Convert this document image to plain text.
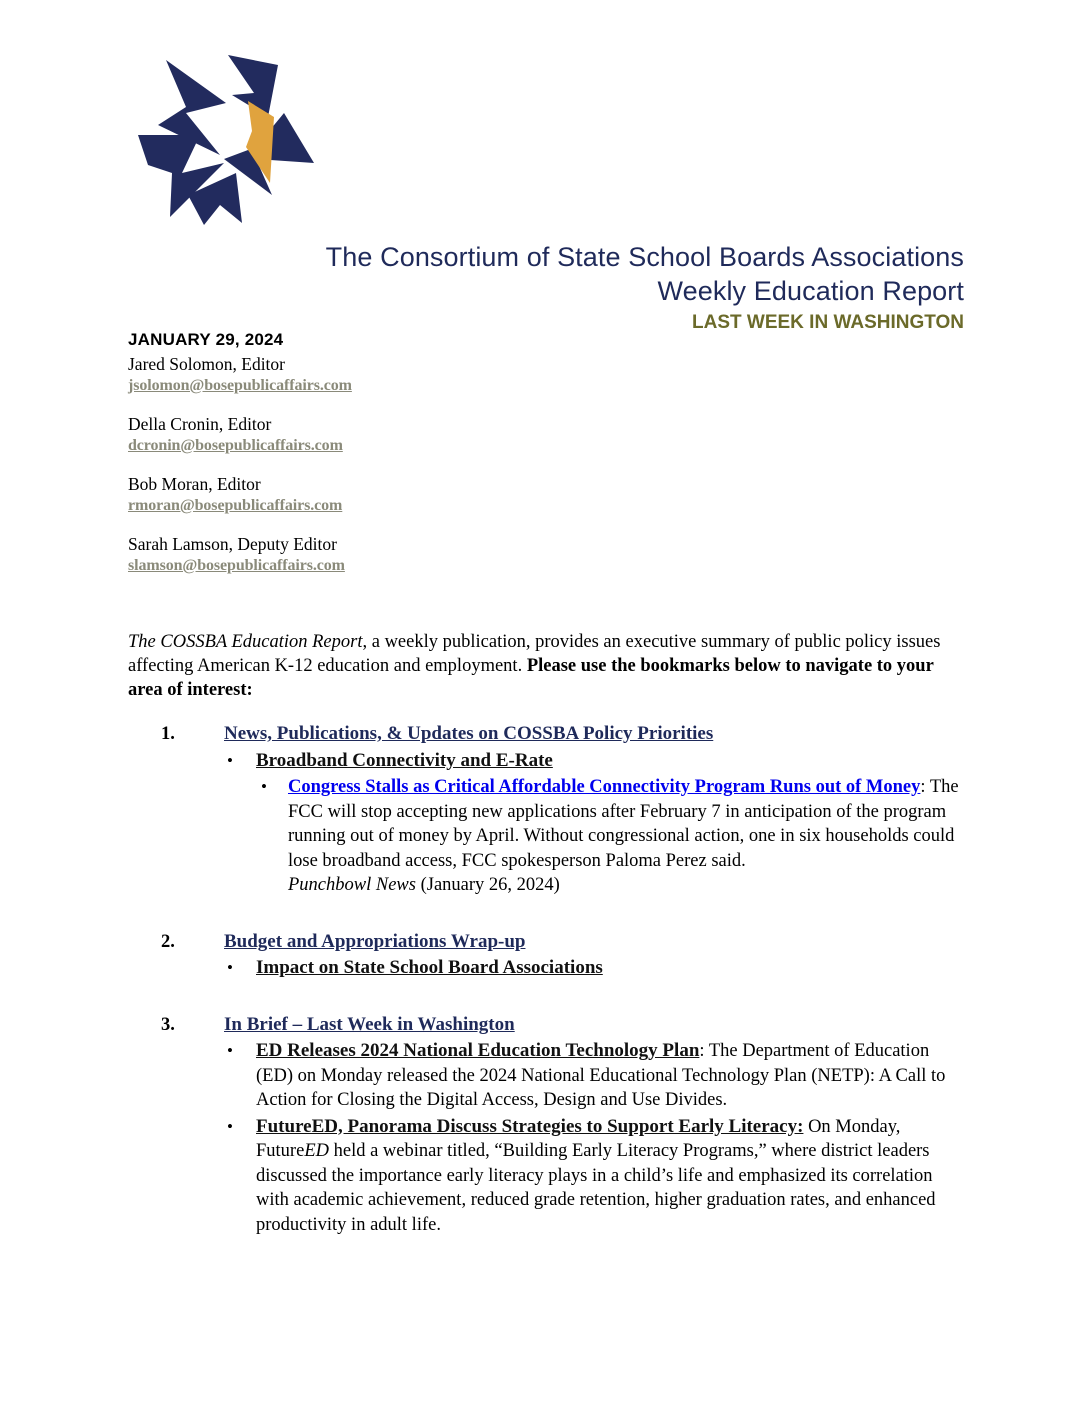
The Consortium of State School Boards Associations
Weekly Education Report
LAST WEEK IN WASHINGTON
JANUARY 29, 2024
Jared Solomon, Editor
jsolomon@bosepublicaffairs.com
Della Cronin, Editor
dcronin@bosepublicaffairs.com
Bob Moran, Editor
rmoran@bosepublicaffairs.com
Sarah Lamson, Deputy Editor
slamson@bosepublicaffairs.com
The COSSBA Education Report, a weekly publication, provides an executive summary of public policy issues affecting American K-12 education and employment. Please use the bookmarks below to navigate to your area of interest:
1.	News, Publications, & Updates on COSSBA Policy Priorities
• Broadband Connectivity and E-Rate
• Congress Stalls as Critical Affordable Connectivity Program Runs out of Money: The FCC will stop accepting new applications after February 7 in anticipation of the program running out of money by April. Without congressional action, one in six households could lose broadband access, FCC spokesperson Paloma Perez said.
Punchbowl News (January 26, 2024)
2.	Budget and Appropriations Wrap-up
• Impact on State School Board Associations
3.	In Brief – Last Week in Washington
• ED Releases 2024 National Education Technology Plan: The Department of Education (ED) on Monday released the 2024 National Educational Technology Plan (NETP): A Call to Action for Closing the Digital Access, Design and Use Divides.
• FutureED, Panorama Discuss Strategies to Support Early Literacy: On Monday, FutureED held a webinar titled, “Building Early Literacy Programs,” where district leaders discussed the importance early literacy plays in a child’s life and emphasized its correlation with academic achievement, reduced grade retention, higher graduation rates, and enhanced productivity in adult life.
